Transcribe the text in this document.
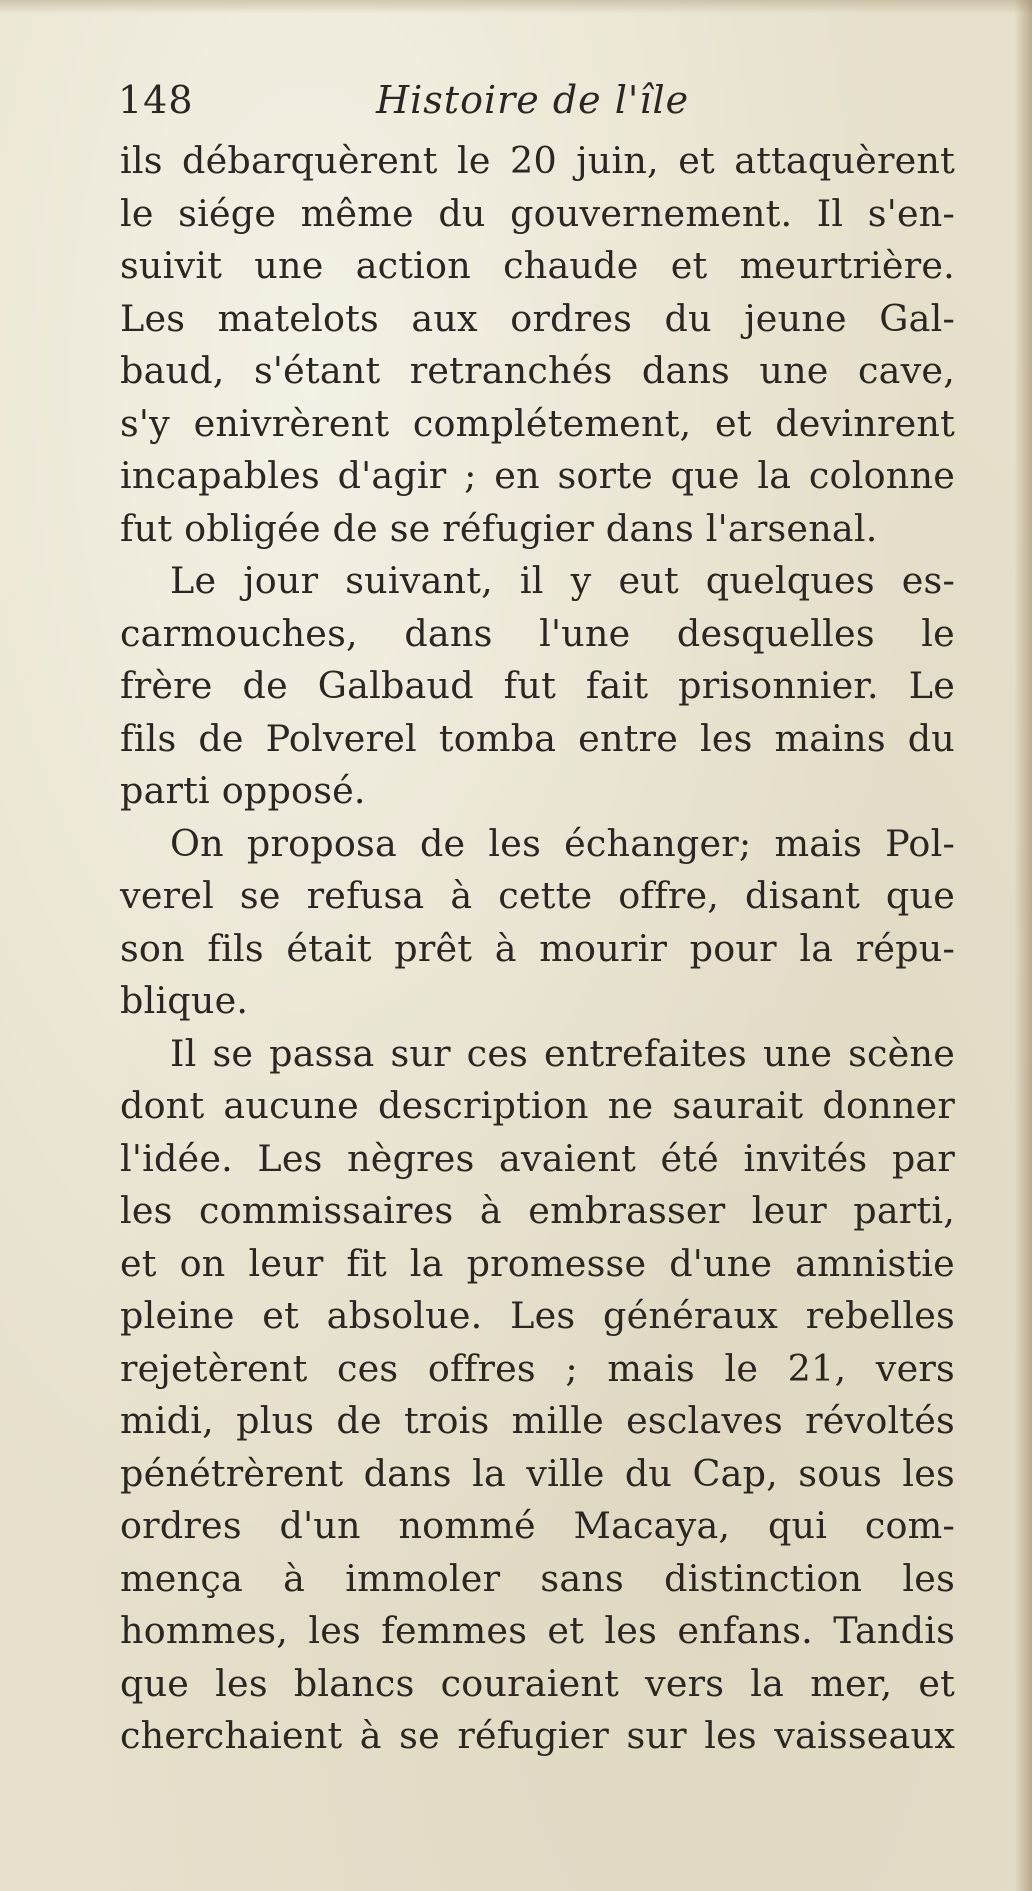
148	Histoire de l'île
ils débarquèrent le 20 juin, et attaquèrent
le siége même du gouvernement. Il s'en-
suivit une action chaude et meurtrière.
Les matelots aux ordres du jeune Gal-
baud, s'étant retranchés dans une cave,
s'y enivrèrent complétement, et devinrent
incapables d'agir ; en sorte que la colonne
fut obligée de se réfugier dans l'arsenal.
Le jour suivant, il y eut quelques es-
carmouches, dans l'une desquelles le
frère de Galbaud fut fait prisonnier. Le
fils de Polverel tomba entre les mains du
parti opposé.
On proposa de les échanger; mais Pol-
verel se refusa à cette offre, disant que
son fils était prêt à mourir pour la répu-
blique.
Il se passa sur ces entrefaites une scène
dont aucune description ne saurait donner
l'idée. Les nègres avaient été invités par
les commissaires à embrasser leur parti,
et on leur fit la promesse d'une amnistie
pleine et absolue. Les généraux rebelles
rejetèrent ces offres ; mais le 21, vers
midi, plus de trois mille esclaves révoltés
pénétrèrent dans la ville du Cap, sous les
ordres d'un nommé Macaya, qui com-
mença à immoler sans distinction les
hommes, les femmes et les enfans. Tandis
que les blancs couraient vers la mer, et
cherchaient à se réfugier sur les vaisseaux
